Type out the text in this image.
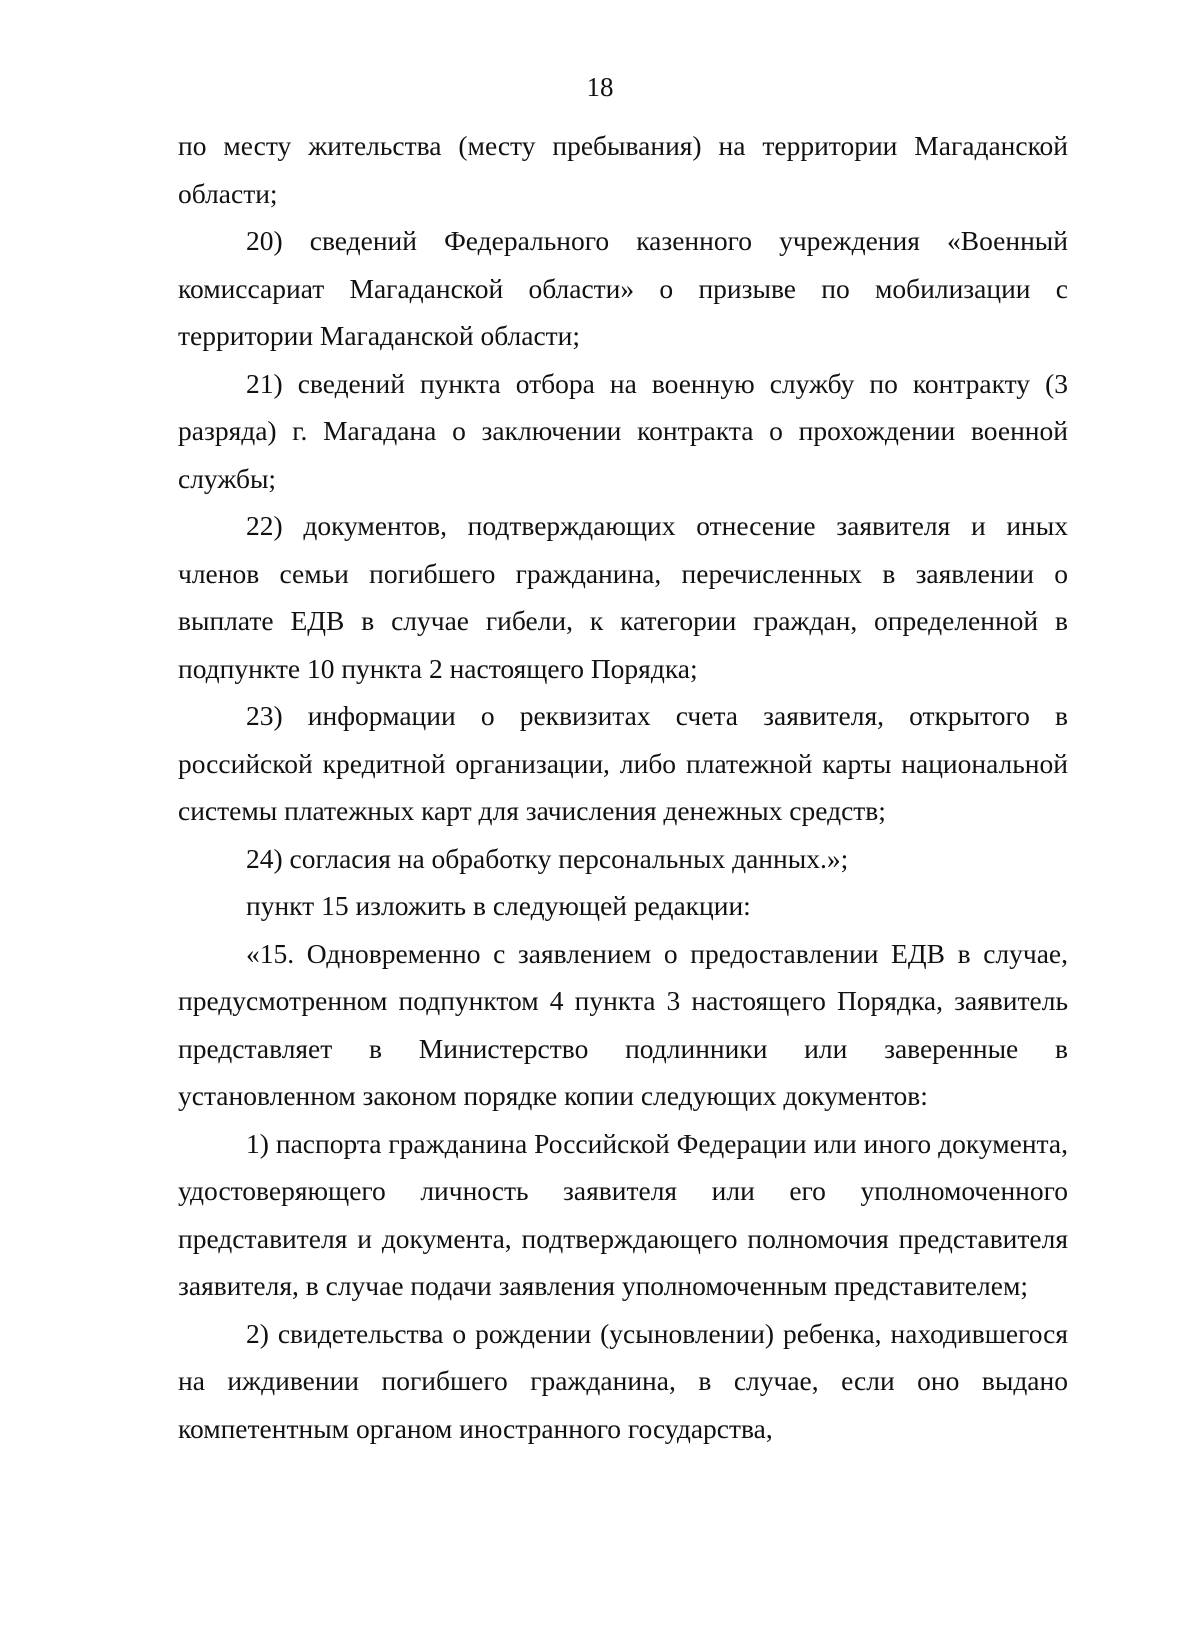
18

по месту жительства (месту пребывания) на территории Магаданской области;

20) сведений Федерального казенного учреждения «Военный комиссариат Магаданской области» о призыве по мобилизации с территории Магаданской области;

21) сведений пункта отбора на военную службу по контракту (3 разряда) г. Магадана о заключении контракта о прохождении военной службы;

22) документов, подтверждающих отнесение заявителя и иных членов семьи погибшего гражданина, перечисленных в заявлении о выплате ЕДВ в случае гибели, к категории граждан, определенной в подпункте 10 пункта 2 настоящего Порядка;

23) информации о реквизитах счета заявителя, открытого в российской кредитной организации, либо платежной карты национальной системы платежных карт для зачисления денежных средств;

24) согласия на обработку персональных данных.»;

пункт 15 изложить в следующей редакции:

«15. Одновременно с заявлением о предоставлении ЕДВ в случае, предусмотренном подпунктом 4 пункта 3 настоящего Порядка, заявитель представляет в Министерство подлинники или заверенные в установленном законом порядке копии следующих документов:

1) паспорта гражданина Российской Федерации или иного документа, удостоверяющего личность заявителя или его уполномоченного представителя и документа, подтверждающего полномочия представителя заявителя, в случае подачи заявления уполномоченным представителем;

2) свидетельства о рождении (усыновлении) ребенка, находившегося на иждивении погибшего гражданина, в случае, если оно выдано компетентным органом иностранного государства,
